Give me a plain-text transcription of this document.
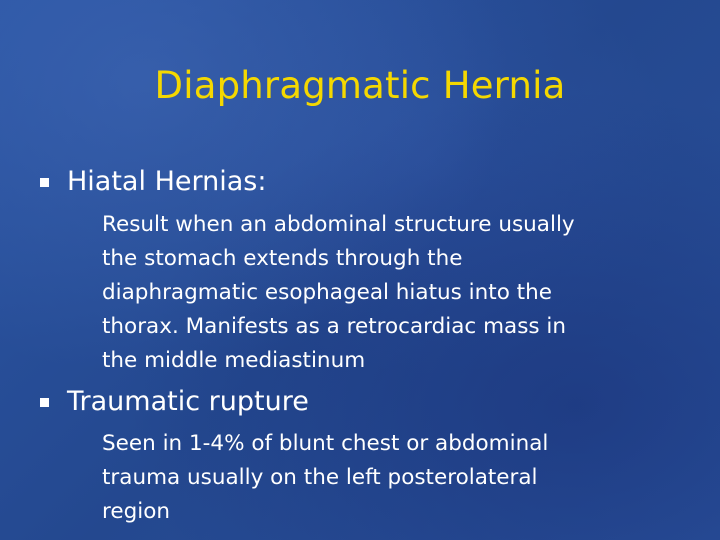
Diaphragmatic Hernia
Hiatal Hernias:
Result when an abdominal structure usually
the stomach extends through the
diaphragmatic esophageal hiatus into the
thorax. Manifests as a retrocardiac mass in
the middle mediastinum
Traumatic rupture
Seen in 1-4% of blunt chest or abdominal
trauma usually on the left posterolateral
region
